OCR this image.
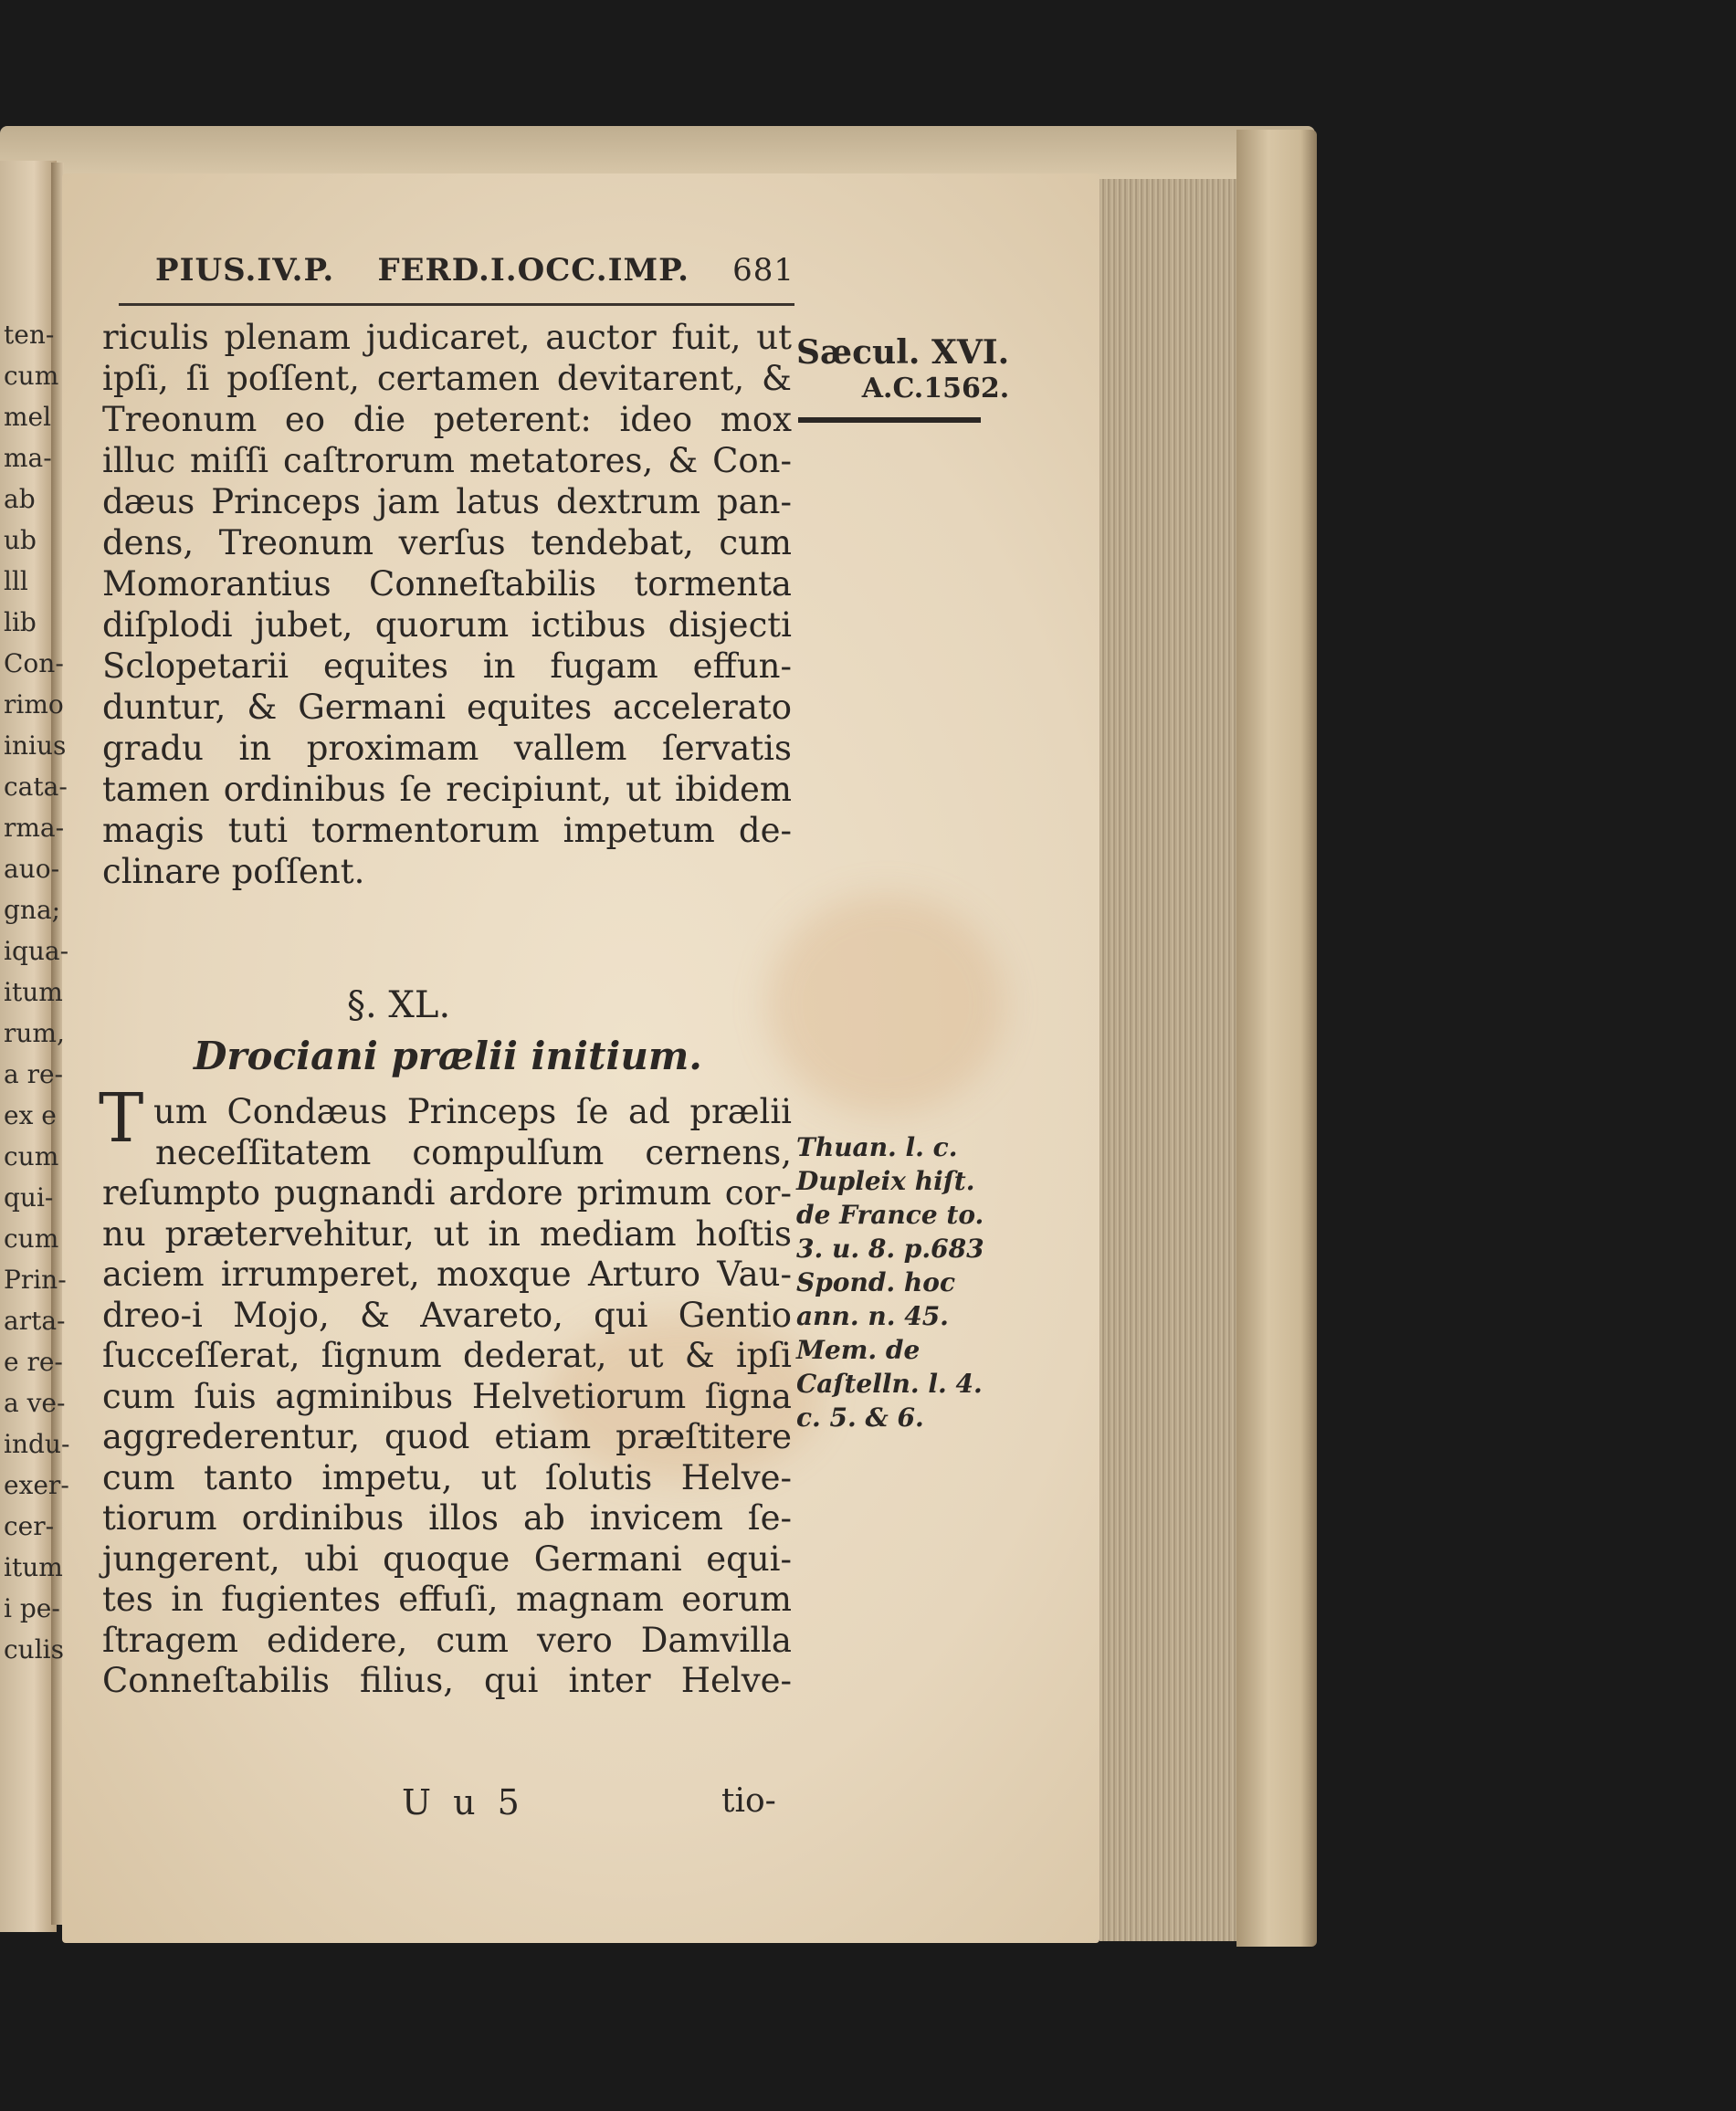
ten-
cum
mel
ma-
ab
ub
lll
lib
Con-
rimo
inius
cata-
rma-
auo-
gna;
iqua-
itum
rum,
a re-
ex e
cum
qui-
cum
Prin-
arta-
e re-
a ve-
indu-
exer-
cer-
itum
i pe-
culis
PIUS.IV.P. FERD.I.OCC.IMP. 681
Sæcul. XVI.
A.C.1562.
riculis plenam judicaret, auctor fuit, ut
ipſi, ſi poſſent, certamen devitarent, &
Treonum eo die peterent: ideo mox
illuc miſſi caſtrorum metatores, & Con-
dæus Princeps jam latus dextrum pan-
dens, Treonum verſus tendebat, cum
Momorantius Conneſtabilis tormenta
diſplodi jubet, quorum ictibus disjecti
Sclopetarii equites in fugam effun-
duntur, & Germani equites accelerato
gradu in proximam vallem ſervatis
tamen ordinibus ſe recipiunt, ut ibidem
magis tuti tormentorum impetum de-
clinare poſſent.
§. XL.
Drociani prælii initium.
T um Condæus Princeps ſe ad prælii
neceſſitatem compulſum cernens,
reſumpto pugnandi ardore primum cor-
nu prætervehitur, ut in mediam hoſtis
aciem irrumperet, moxque Arturo Vau-
dreo-i Mojo, & Avareto, qui Gentio
ſucceſſerat, ſignum dederat, ut & ipſi
cum ſuis agminibus Helvetiorum ſigna
aggrederentur, quod etiam præſtitere
cum tanto impetu, ut ſolutis Helve-
tiorum ordinibus illos ab invicem ſe-
jungerent, ubi quoque Germani equi-
tes in fugientes effuſi, magnam eorum
ſtragem edidere, cum vero Damvilla
Conneſtabilis filius, qui inter Helve-
Thuan. l. c.
Dupleix hiſt.
de France to.
3. u. 8. p.683
Spond. hoc
ann. n. 45.
Mem. de
Caſtelln. l. 4.
c. 5. & 6.
U u 5	tio-
